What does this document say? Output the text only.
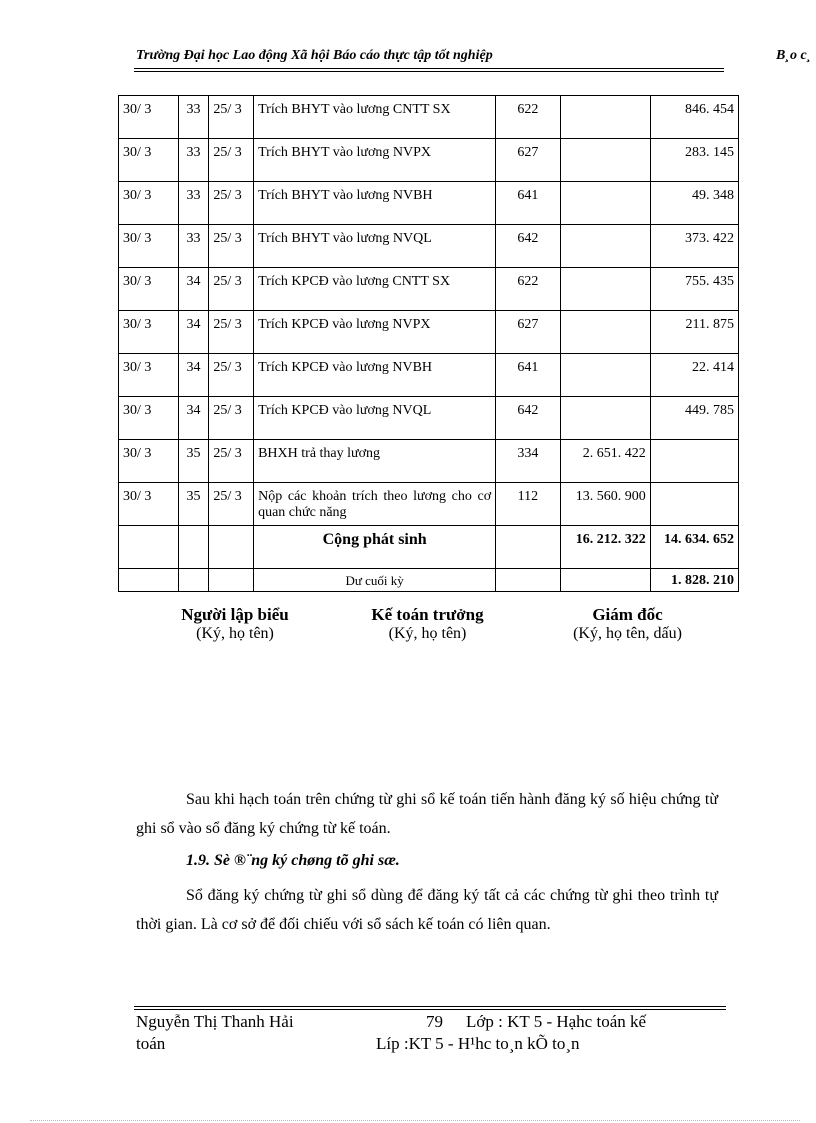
Trường Đại học Lao động Xã hội Báo cáo thực tập tốt nghiệp	B¸o c¸
30/ 3	33	25/ 3	Trích BHYT vào lương CNTT SX	622		846. 454
30/ 3	33	25/ 3	Trích BHYT vào lương NVPX	627		283. 145
30/ 3	33	25/ 3	Trích BHYT vào lương NVBH	641		49. 348
30/ 3	33	25/ 3	Trích BHYT vào lương NVQL	642		373. 422
30/ 3	34	25/ 3	Trích KPCĐ vào lương CNTT SX	622		755. 435
30/ 3	34	25/ 3	Trích KPCĐ vào lương NVPX	627		211. 875
30/ 3	34	25/ 3	Trích KPCĐ vào lương NVBH	641		22. 414
30/ 3	34	25/ 3	Trích KPCĐ vào lương NVQL	642		449. 785
30/ 3	35	25/ 3	BHXH trả thay lương	334	2. 651. 422	
30/ 3	35	25/ 3	Nộp các khoản trích theo lương cho cơ quan chức năng	112	13. 560. 900	
			Cộng phát sinh		16. 212. 322	14. 634. 652
			Dư cuối kỳ			1. 828. 210
Người lập biểu
(Ký, họ tên)
Kế toán trưởng
(Ký, họ tên)
Giám đốc
(Ký, họ tên, dấu)
Sau khi hạch toán trên chứng từ ghi sổ kế toán tiến hành đăng ký số hiệu chứng từ ghi sổ vào sổ đăng ký chứng từ kế toán.
1.9. Sè ®¨ng ký chøng tõ ghi sæ.
Sổ đăng ký chứng từ ghi sổ dùng để đăng ký tất cả các chứng từ ghi theo trình tự thời gian. Là cơ sở để đối chiếu với sổ sách kế toán có liên quan.
Nguyễn Thị Thanh Hải
toán
79 Lớp : KT 5 - Hạhc toán kế
Líp :KT 5 - H¹hc to¸n kÕ to¸n
